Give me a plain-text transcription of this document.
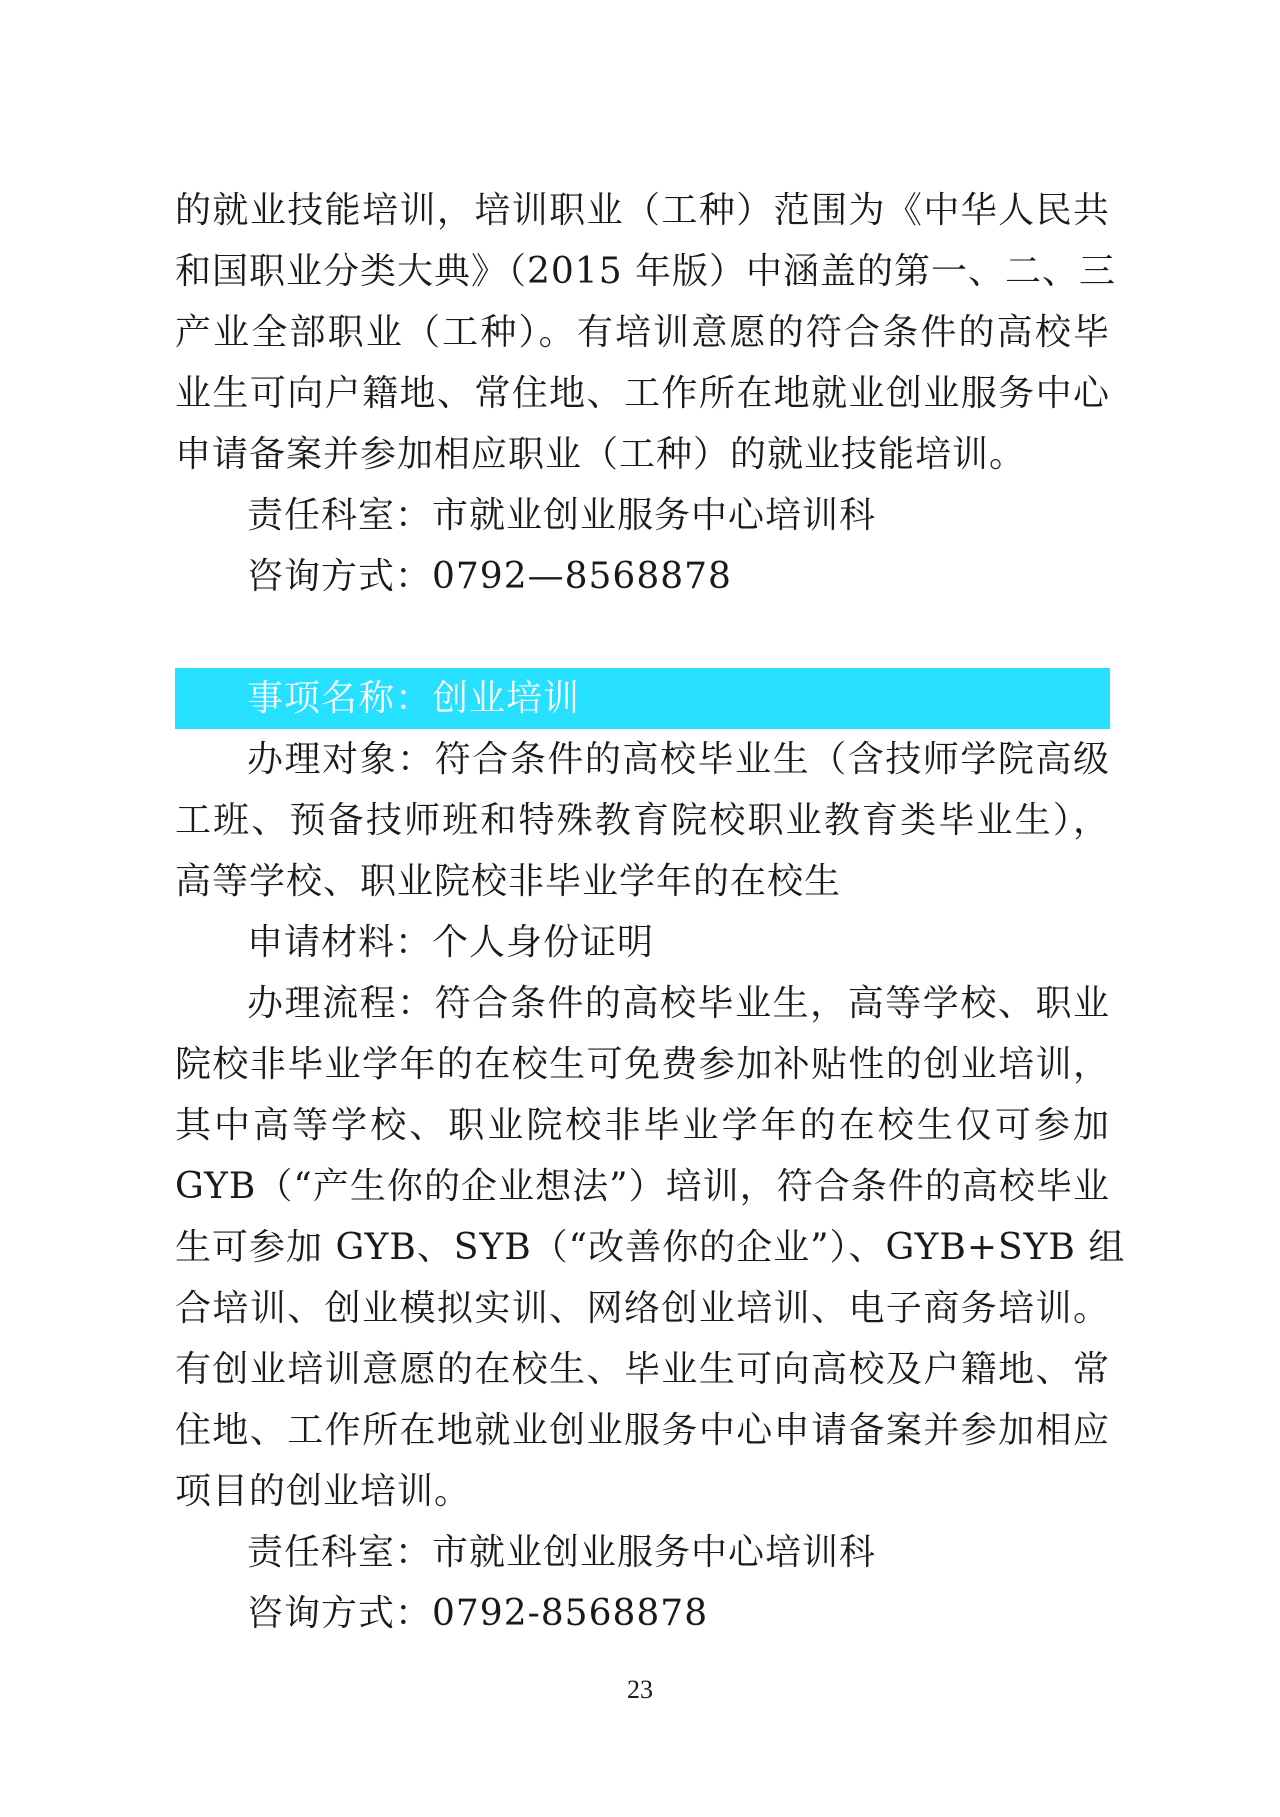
的就业技能培训，培训职业（工种）范围为《中华人民共
和国职业分类大典》（2015 年版）中涵盖的第一、二、三
产业全部职业（工种）。有培训意愿的符合条件的高校毕
业生可向户籍地、常住地、工作所在地就业创业服务中心
申请备案并参加相应职业（工种）的就业技能培训。
责任科室：市就业创业服务中心培训科
咨询方式：0792—8568878
事项名称：创业培训
办理对象：符合条件的高校毕业生（含技师学院高级
工班、预备技师班和特殊教育院校职业教育类毕业生），
高等学校、职业院校非毕业学年的在校生
申请材料：个人身份证明
办理流程：符合条件的高校毕业生，高等学校、职业
院校非毕业学年的在校生可免费参加补贴性的创业培训，
其中高等学校、职业院校非毕业学年的在校生仅可参加
GYB（“产生你的企业想法”）培训，符合条件的高校毕业
生可参加 GYB、SYB（“改善你的企业”）、GYB+SYB 组
合培训、创业模拟实训、网络创业培训、电子商务培训。
有创业培训意愿的在校生、毕业生可向高校及户籍地、常
住地、工作所在地就业创业服务中心申请备案并参加相应
项目的创业培训。
责任科室：市就业创业服务中心培训科
咨询方式：0792-8568878
23
